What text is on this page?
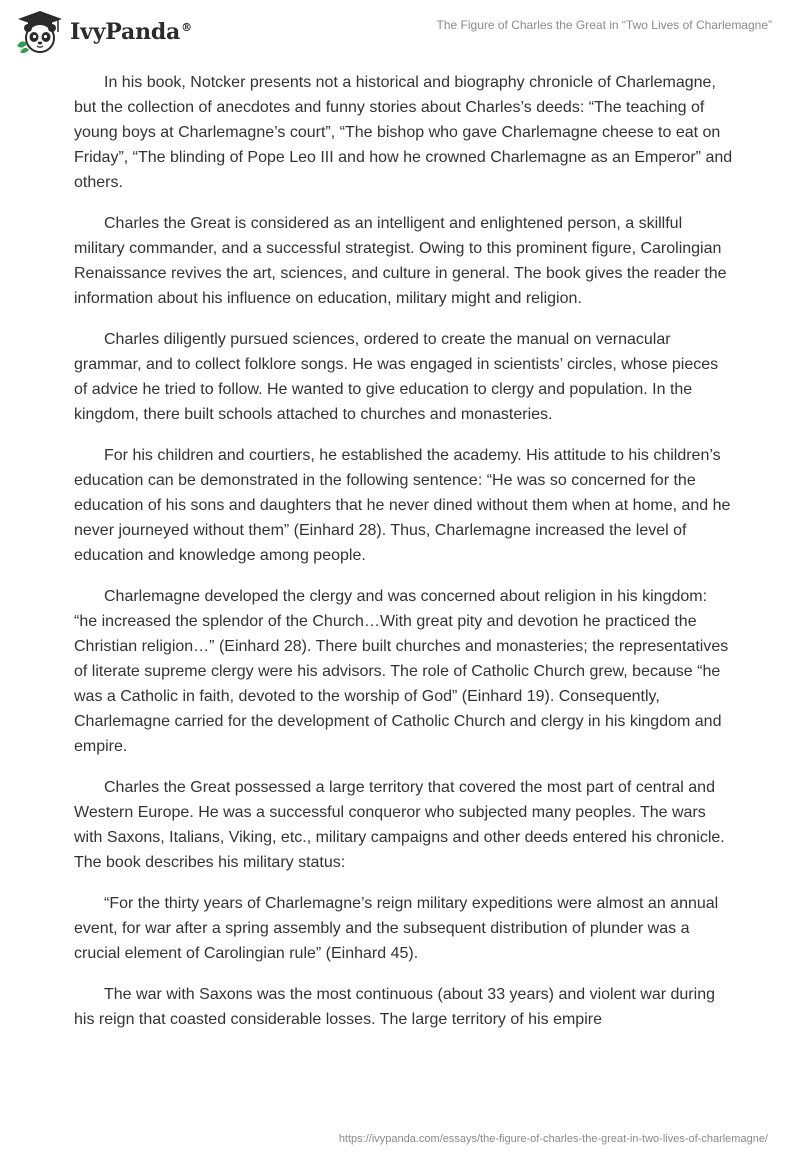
IvyPanda®	The Figure of Charles the Great in “Two Lives of Charlemagne”

In his book, Notcker presents not a historical and biography chronicle of Charlemagne, but the collection of anecdotes and funny stories about Charles’s deeds: “The teaching of young boys at Charlemagne’s court”, “The bishop who gave Charlemagne cheese to eat on Friday”, “The blinding of Pope Leo III and how he crowned Charlemagne as an Emperor” and others.

Charles the Great is considered as an intelligent and enlightened person, a skillful military commander, and a successful strategist. Owing to this prominent figure, Carolingian Renaissance revives the art, sciences, and culture in general. The book gives the reader the information about his influence on education, military might and religion.

Charles diligently pursued sciences, ordered to create the manual on vernacular grammar, and to collect folklore songs. He was engaged in scientists’ circles, whose pieces of advice he tried to follow. He wanted to give education to clergy and population. In the kingdom, there built schools attached to churches and monasteries.

For his children and courtiers, he established the academy. His attitude to his children’s education can be demonstrated in the following sentence: “He was so concerned for the education of his sons and daughters that he never dined without them when at home, and he never journeyed without them” (Einhard 28). Thus, Charlemagne increased the level of education and knowledge among people.

Charlemagne developed the clergy and was concerned about religion in his kingdom: “he increased the splendor of the Church…With great pity and devotion he practiced the Christian religion…” (Einhard 28). There built churches and monasteries; the representatives of literate supreme clergy were his advisors. The role of Catholic Church grew, because “he was a Catholic in faith, devoted to the worship of God” (Einhard 19). Consequently, Charlemagne carried for the development of Catholic Church and clergy in his kingdom and empire.

Charles the Great possessed a large territory that covered the most part of central and Western Europe. He was a successful conqueror who subjected many peoples. The wars with Saxons, Italians, Viking, etc., military campaigns and other deeds entered his chronicle. The book describes his military status:

“For the thirty years of Charlemagne’s reign military expeditions were almost an annual event, for war after a spring assembly and the subsequent distribution of plunder was a crucial element of Carolingian rule” (Einhard 45).

The war with Saxons was the most continuous (about 33 years) and violent war during his reign that coasted considerable losses. The large territory of his empire

https://ivypanda.com/essays/the-figure-of-charles-the-great-in-two-lives-of-charlemagne/
